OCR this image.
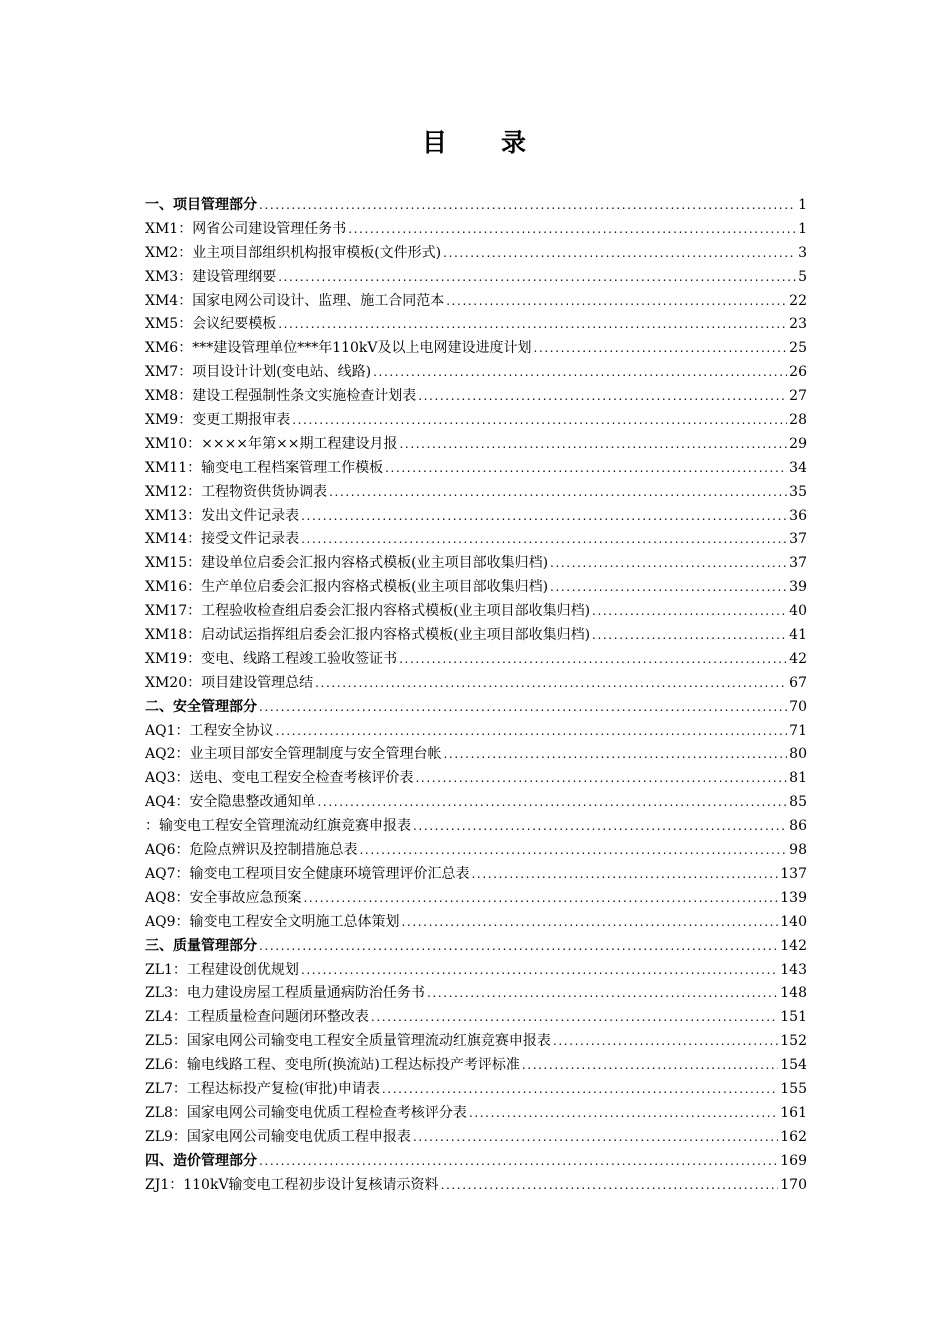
目 录
一、项目管理部分 .....	1
XM1：网省公司建设管理任务书 .....	1
XM2：业主项目部组织机构报审模板(文件形式) .....	3
XM3：建设管理纲要 .....	5
XM4：国家电网公司设计、监理、施工合同范本 .....	22
XM5：会议纪要模板 .....	23
XM6：***建设管理单位***年110kV及以上电网建设进度计划 .....	25
XM7：项目设计计划(变电站、线路) .....	26
XM8：建设工程强制性条文实施检查计划表 .....	27
XM9：变更工期报审表 .....	28
XM10：××××年第××期工程建设月报 .....	29
XM11：输变电工程档案管理工作模板 .....	34
XM12：工程物资供货协调表 .....	35
XM13：发出文件记录表 .....	36
XM14：接受文件记录表 .....	37
XM15：建设单位启委会汇报内容格式模板(业主项目部收集归档) .....	37
XM16：生产单位启委会汇报内容格式模板(业主项目部收集归档) .....	39
XM17：工程验收检查组启委会汇报内容格式模板(业主项目部收集归档) .....	40
XM18：启动试运指挥组启委会汇报内容格式模板(业主项目部收集归档) .....	41
XM19：变电、线路工程竣工验收签证书 .....	42
XM20：项目建设管理总结 .....	67
二、安全管理部分 .....	70
AQ1：工程安全协议 .....	71
AQ2：业主项目部安全管理制度与安全管理台帐 .....	80
AQ3：送电、变电工程安全检查考核评价表 .....	81
AQ4：安全隐患整改通知单 .....	85
：输变电工程安全管理流动红旗竞赛申报表 .....	86
AQ6：危险点辨识及控制措施总表 .....	98
AQ7：输变电工程项目安全健康环境管理评价汇总表 .....	137
AQ8：安全事故应急预案 .....	139
AQ9：输变电工程安全文明施工总体策划 .....	140
三、质量管理部分 .....	142
ZL1：工程建设创优规划 .....	143
ZL3：电力建设房屋工程质量通病防治任务书 .....	148
ZL4：工程质量检查问题闭环整改表 .....	151
ZL5：国家电网公司输变电工程安全质量管理流动红旗竞赛申报表 .....	152
ZL6：输电线路工程、变电所(换流站)工程达标投产考评标准 .....	154
ZL7：工程达标投产复检(审批)申请表 .....	155
ZL8：国家电网公司输变电优质工程检查考核评分表 .....	161
ZL9：国家电网公司输变电优质工程申报表 .....	162
四、造价管理部分 .....	169
ZJ1：110kV输变电工程初步设计复核请示资料 .....	170
